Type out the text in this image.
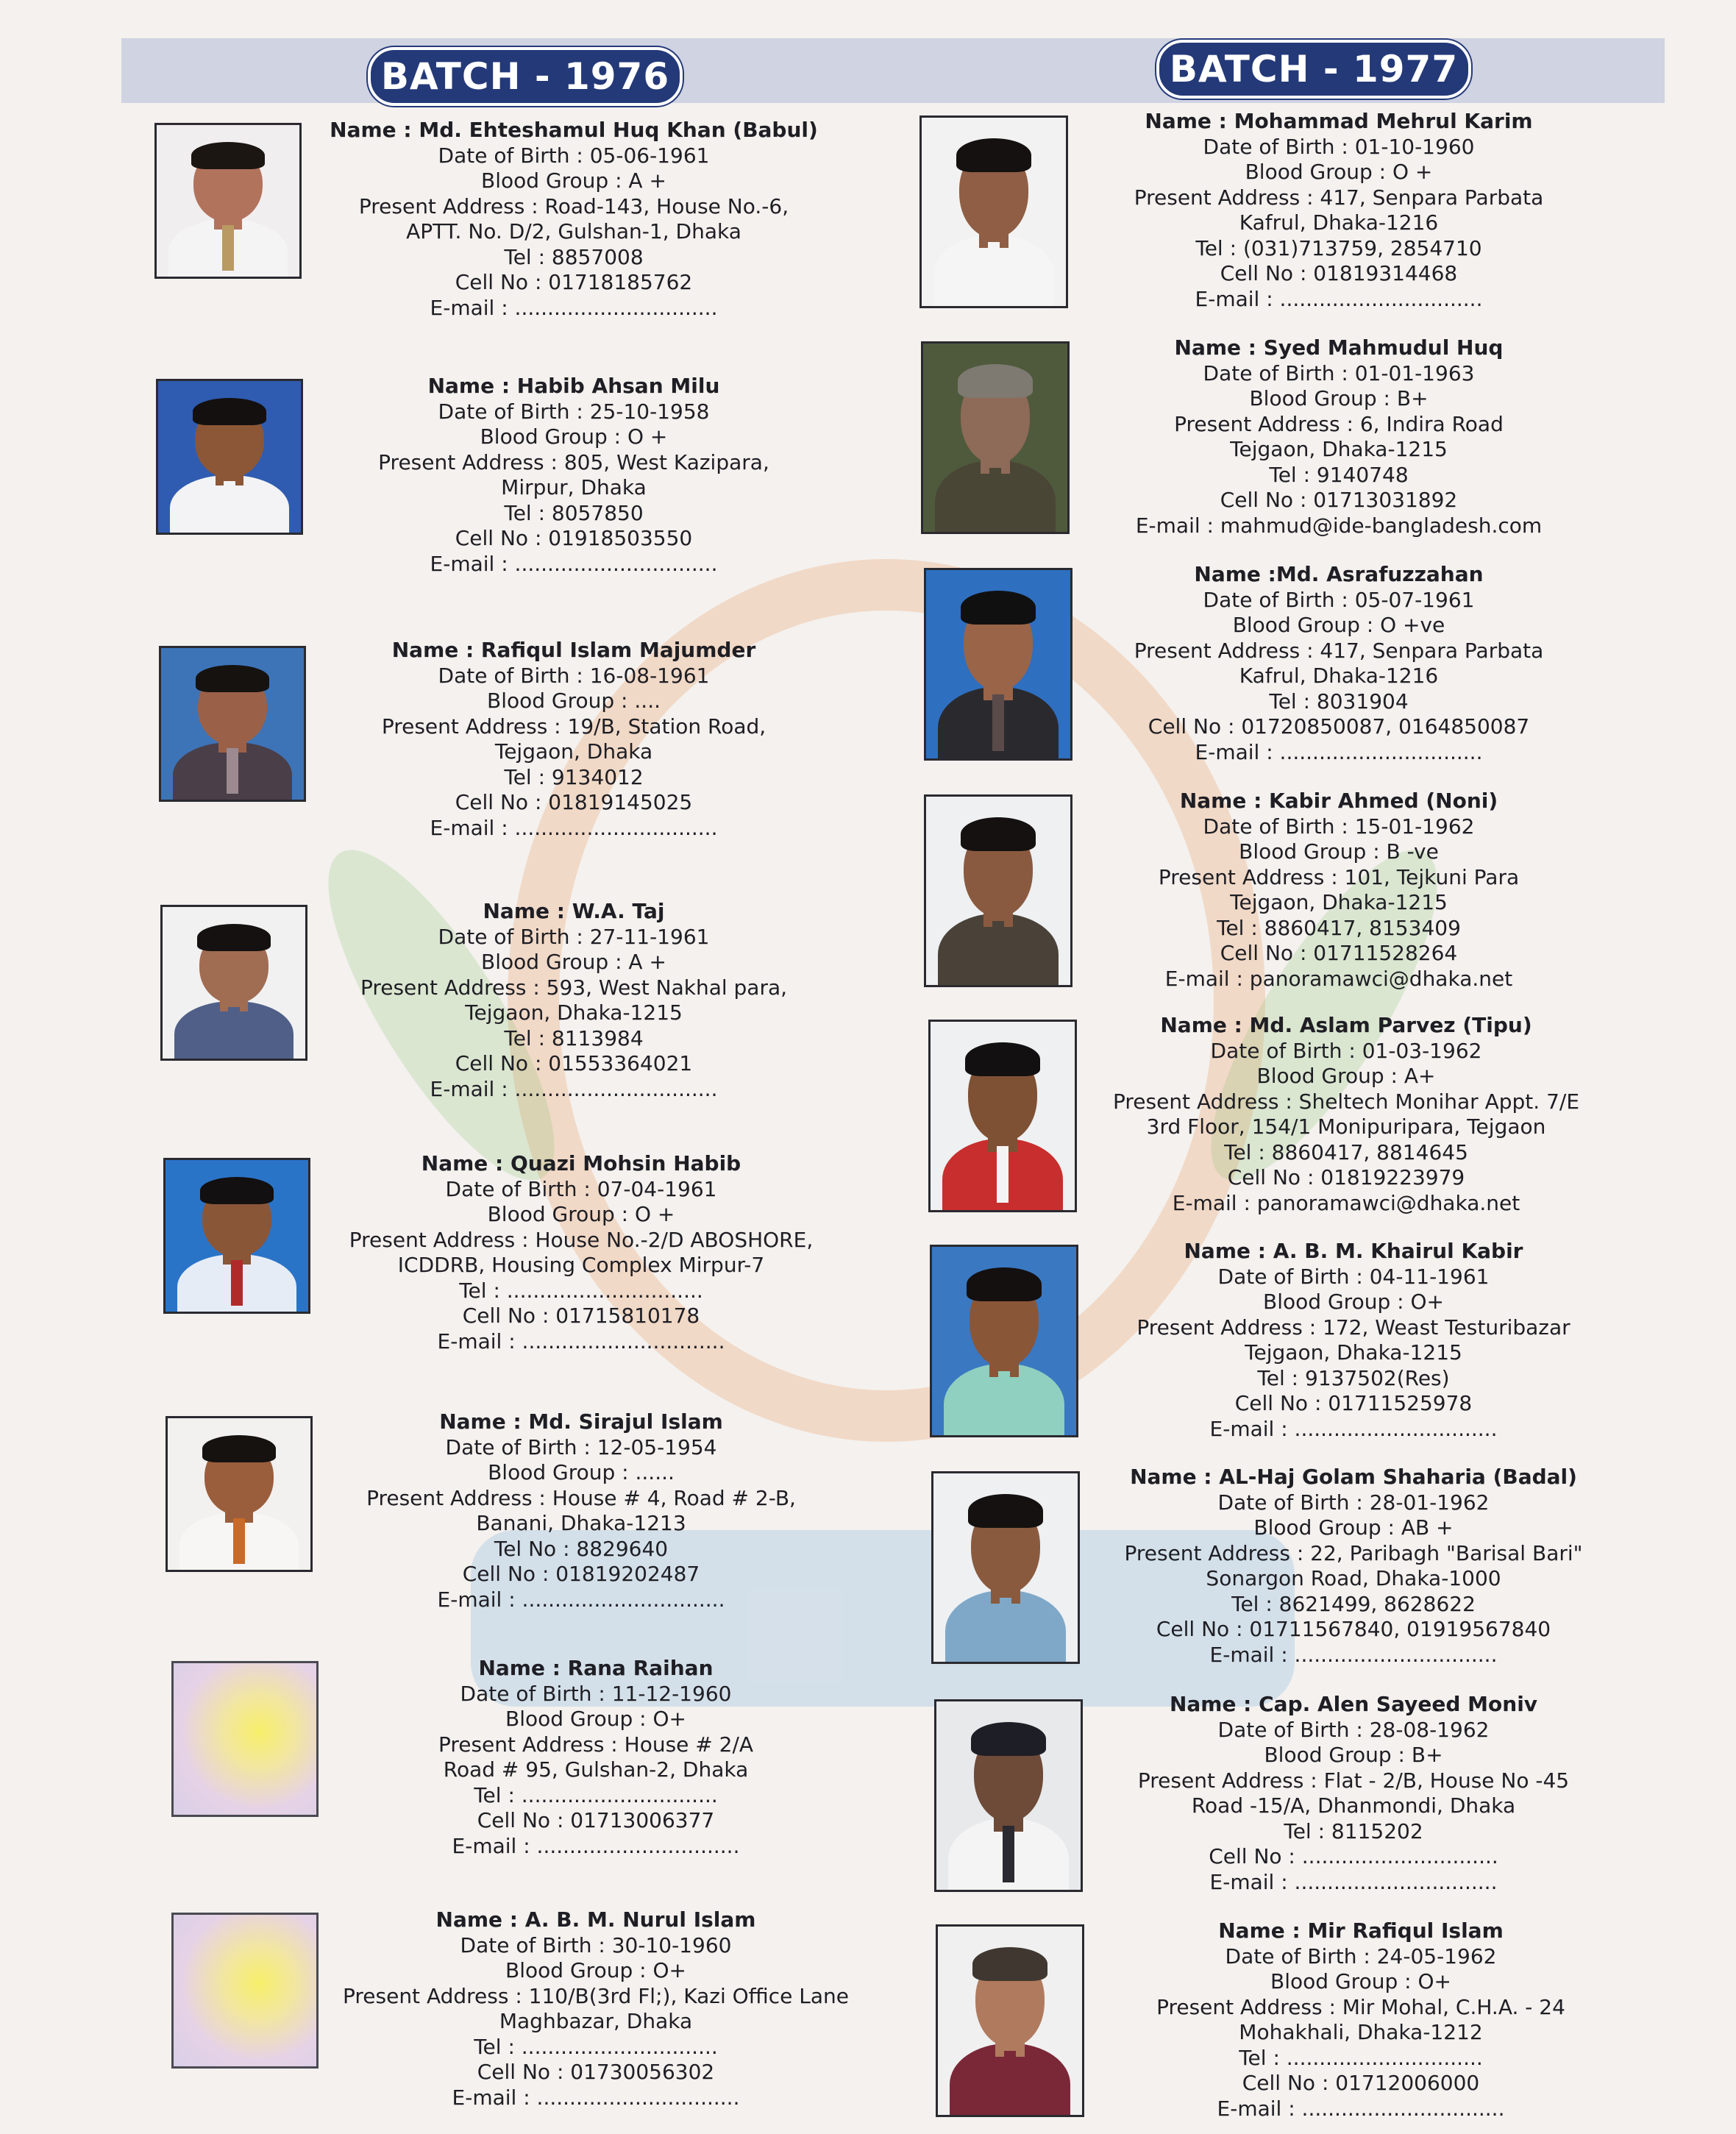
BATCH - 1976	BATCH - 1977
Name : Md. Ehteshamul Huq Khan (Babul)
Date of Birth : 05-06-1961
Blood Group : A +
Present Address : Road-143, House No.-6,
APTT. No. D/2, Gulshan-1, Dhaka
Tel : 8857008
Cell No : 01718185762
E-mail : ...............................
Name : Habib Ahsan Milu
Date of Birth : 25-10-1958
Blood Group : O +
Present Address : 805, West Kazipara,
Mirpur, Dhaka
Tel : 8057850
Cell No : 01918503550
E-mail : ...............................
Name : Rafiqul Islam Majumder
Date of Birth : 16-08-1961
Blood Group : ....
Present Address : 19/B, Station Road,
Tejgaon, Dhaka
Tel : 9134012
Cell No : 01819145025
E-mail : ...............................
Name : W.A. Taj
Date of Birth : 27-11-1961
Blood Group : A +
Present Address : 593, West Nakhal para,
Tejgaon, Dhaka-1215
Tel : 8113984
Cell No : 01553364021
E-mail : ...............................
Name : Quazi Mohsin Habib
Date of Birth : 07-04-1961
Blood Group : O +
Present Address : House No.-2/D ABOSHORE,
ICDDRB, Housing Complex Mirpur-7
Tel : ..............................
Cell No : 01715810178
E-mail : ...............................
Name : Md. Sirajul Islam
Date of Birth : 12-05-1954
Blood Group : ......
Present Address : House # 4, Road # 2-B,
Banani, Dhaka-1213
Tel No : 8829640
Cell No : 01819202487
E-mail : ...............................
Name : Rana Raihan
Date of Birth : 11-12-1960
Blood Group : O+
Present Address : House # 2/A
Road # 95, Gulshan-2, Dhaka
Tel : ..............................
Cell No : 01713006377
E-mail : ...............................
Name : A. B. M. Nurul Islam
Date of Birth : 30-10-1960
Blood Group : O+
Present Address : 110/B(3rd Fl;), Kazi Office Lane
Maghbazar, Dhaka
Tel : ..............................
Cell No : 01730056302
E-mail : ...............................
Name : Mohammad Mehrul Karim
Date of Birth : 01-10-1960
Blood Group : O +
Present Address : 417, Senpara Parbata
Kafrul, Dhaka-1216
Tel : (031)713759, 2854710
Cell No : 01819314468
E-mail : ...............................
Name : Syed Mahmudul Huq
Date of Birth : 01-01-1963
Blood Group : B+
Present Address : 6, Indira Road
Tejgaon, Dhaka-1215
Tel : 9140748
Cell No : 01713031892
E-mail : mahmud@ide-bangladesh.com
Name :Md. Asrafuzzahan
Date of Birth : 05-07-1961
Blood Group : O +ve
Present Address : 417, Senpara Parbata
Kafrul, Dhaka-1216
Tel : 8031904
Cell No : 01720850087, 0164850087
E-mail : ...............................
Name : Kabir Ahmed (Noni)
Date of Birth : 15-01-1962
Blood Group : B -ve
Present Address : 101, Tejkuni Para
Tejgaon, Dhaka-1215
Tel : 8860417, 8153409
Cell No : 01711528264
E-mail : panoramawci@dhaka.net
Name : Md. Aslam Parvez (Tipu)
Date of Birth : 01-03-1962
Blood Group : A+
Present Address : Sheltech Monihar Appt. 7/E
3rd Floor, 154/1 Monipuripara, Tejgaon
Tel : 8860417, 8814645
Cell No : 01819223979
E-mail : panoramawci@dhaka.net
Name : A. B. M. Khairul Kabir
Date of Birth : 04-11-1961
Blood Group : O+
Present Address : 172, Weast Testuribazar
Tejgaon, Dhaka-1215
Tel : 9137502(Res)
Cell No : 01711525978
E-mail : ...............................
Name : AL-Haj Golam Shaharia (Badal)
Date of Birth : 28-01-1962
Blood Group : AB +
Present Address : 22, Paribagh "Barisal Bari"
Sonargon Road, Dhaka-1000
Tel : 8621499, 8628622
Cell No : 01711567840, 01919567840
E-mail : ...............................
Name : Cap. Alen Sayeed Moniv
Date of Birth : 28-08-1962
Blood Group : B+
Present Address : Flat - 2/B, House No -45
Road -15/A, Dhanmondi, Dhaka
Tel : 8115202
Cell No : ..............................
E-mail : ...............................
Name : Mir Rafiqul Islam
Date of Birth : 24-05-1962
Blood Group : O+
Present Address : Mir Mohal, C.H.A. - 24
Mohakhali, Dhaka-1212
Tel : ..............................
Cell No : 01712006000
E-mail : ...............................
